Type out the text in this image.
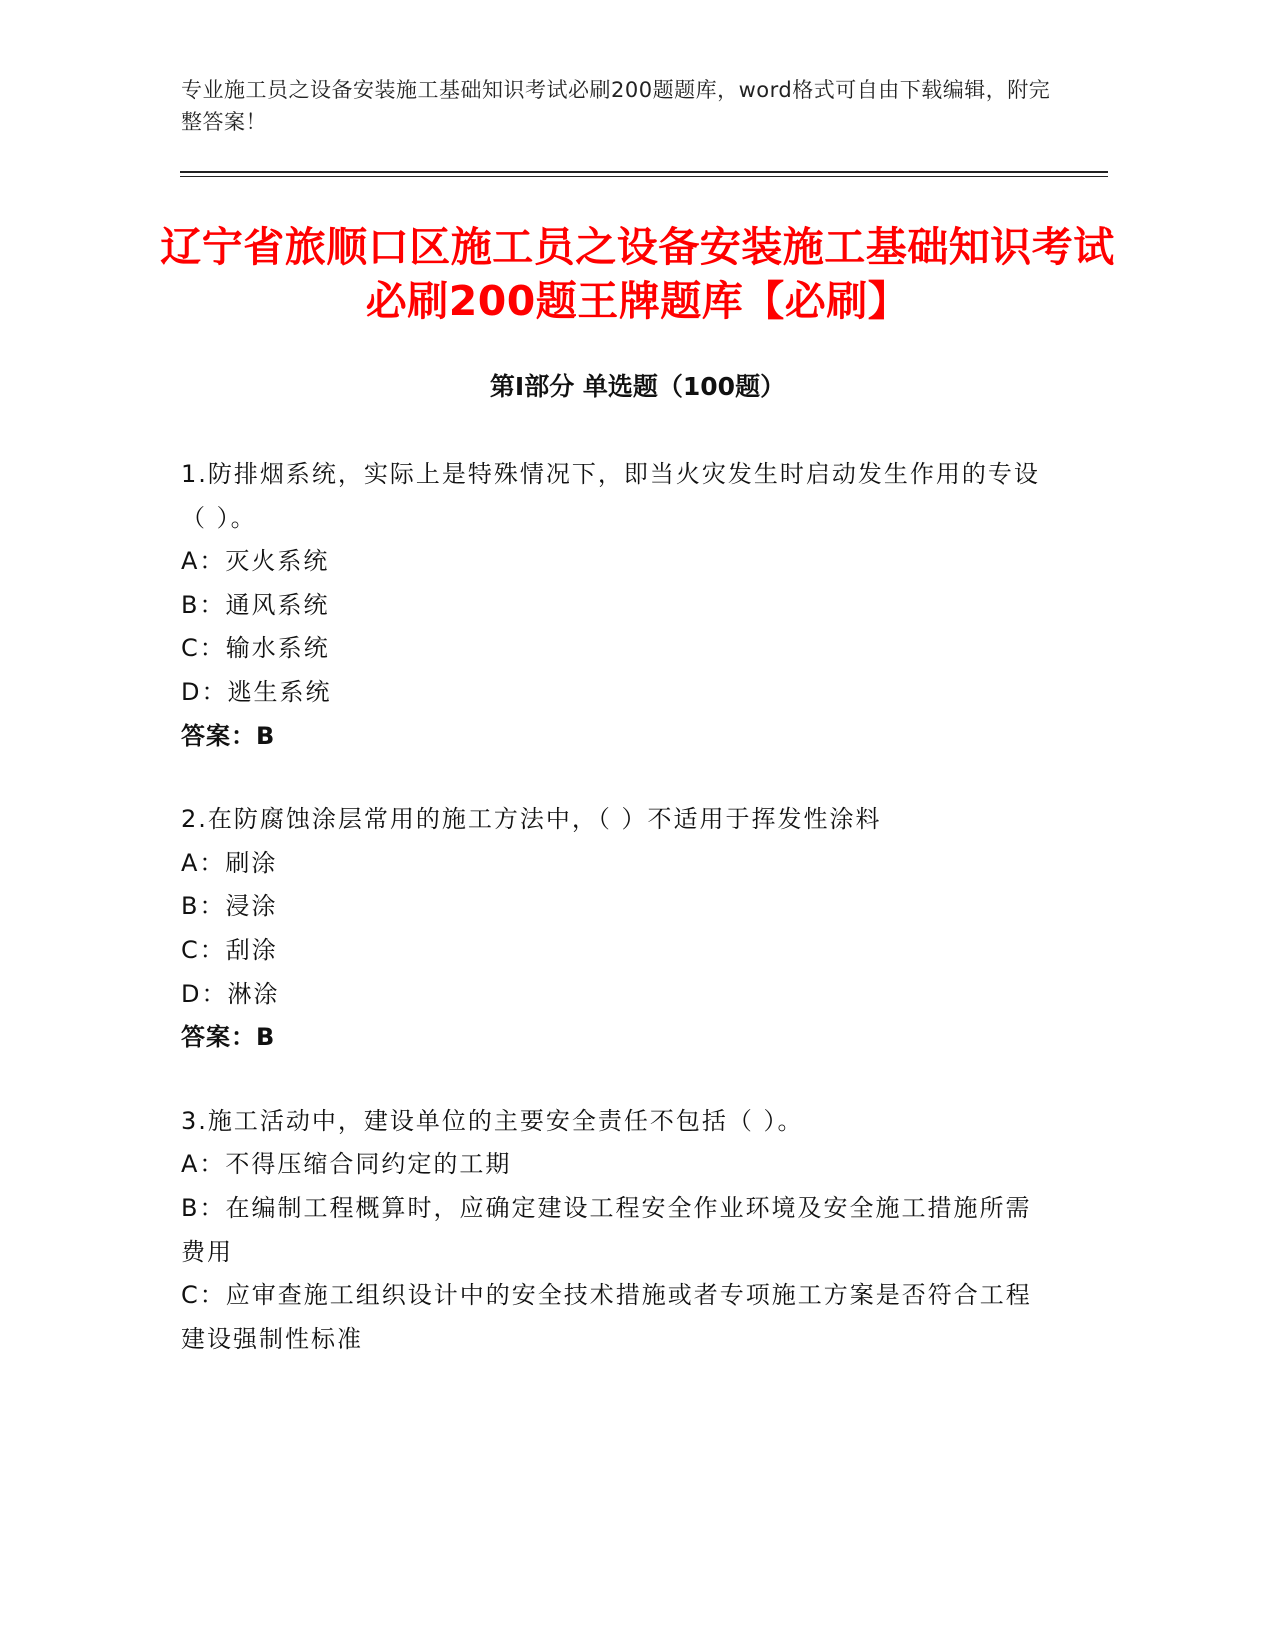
专业施工员之设备安装施工基础知识考试必刷200题题库，word格式可自由下载编辑，附完整答案！
辽宁省旅顺口区施工员之设备安装施工基础知识考试必刷200题王牌题库【必刷】
第I部分 单选题（100题）
1.防排烟系统，实际上是特殊情况下，即当火灾发生时启动发生作用的专设（ ）。
A：灭火系统
B：通风系统
C：输水系统
D：逃生系统
答案：B
2.在防腐蚀涂层常用的施工方法中，（ ）不适用于挥发性涂料
A：刷涂
B：浸涂
C：刮涂
D：淋涂
答案：B
3.施工活动中，建设单位的主要安全责任不包括（ ）。
A：不得压缩合同约定的工期
B：在编制工程概算时，应确定建设工程安全作业环境及安全施工措施所需费用
C：应审查施工组织设计中的安全技术措施或者专项施工方案是否符合工程建设强制性标准
